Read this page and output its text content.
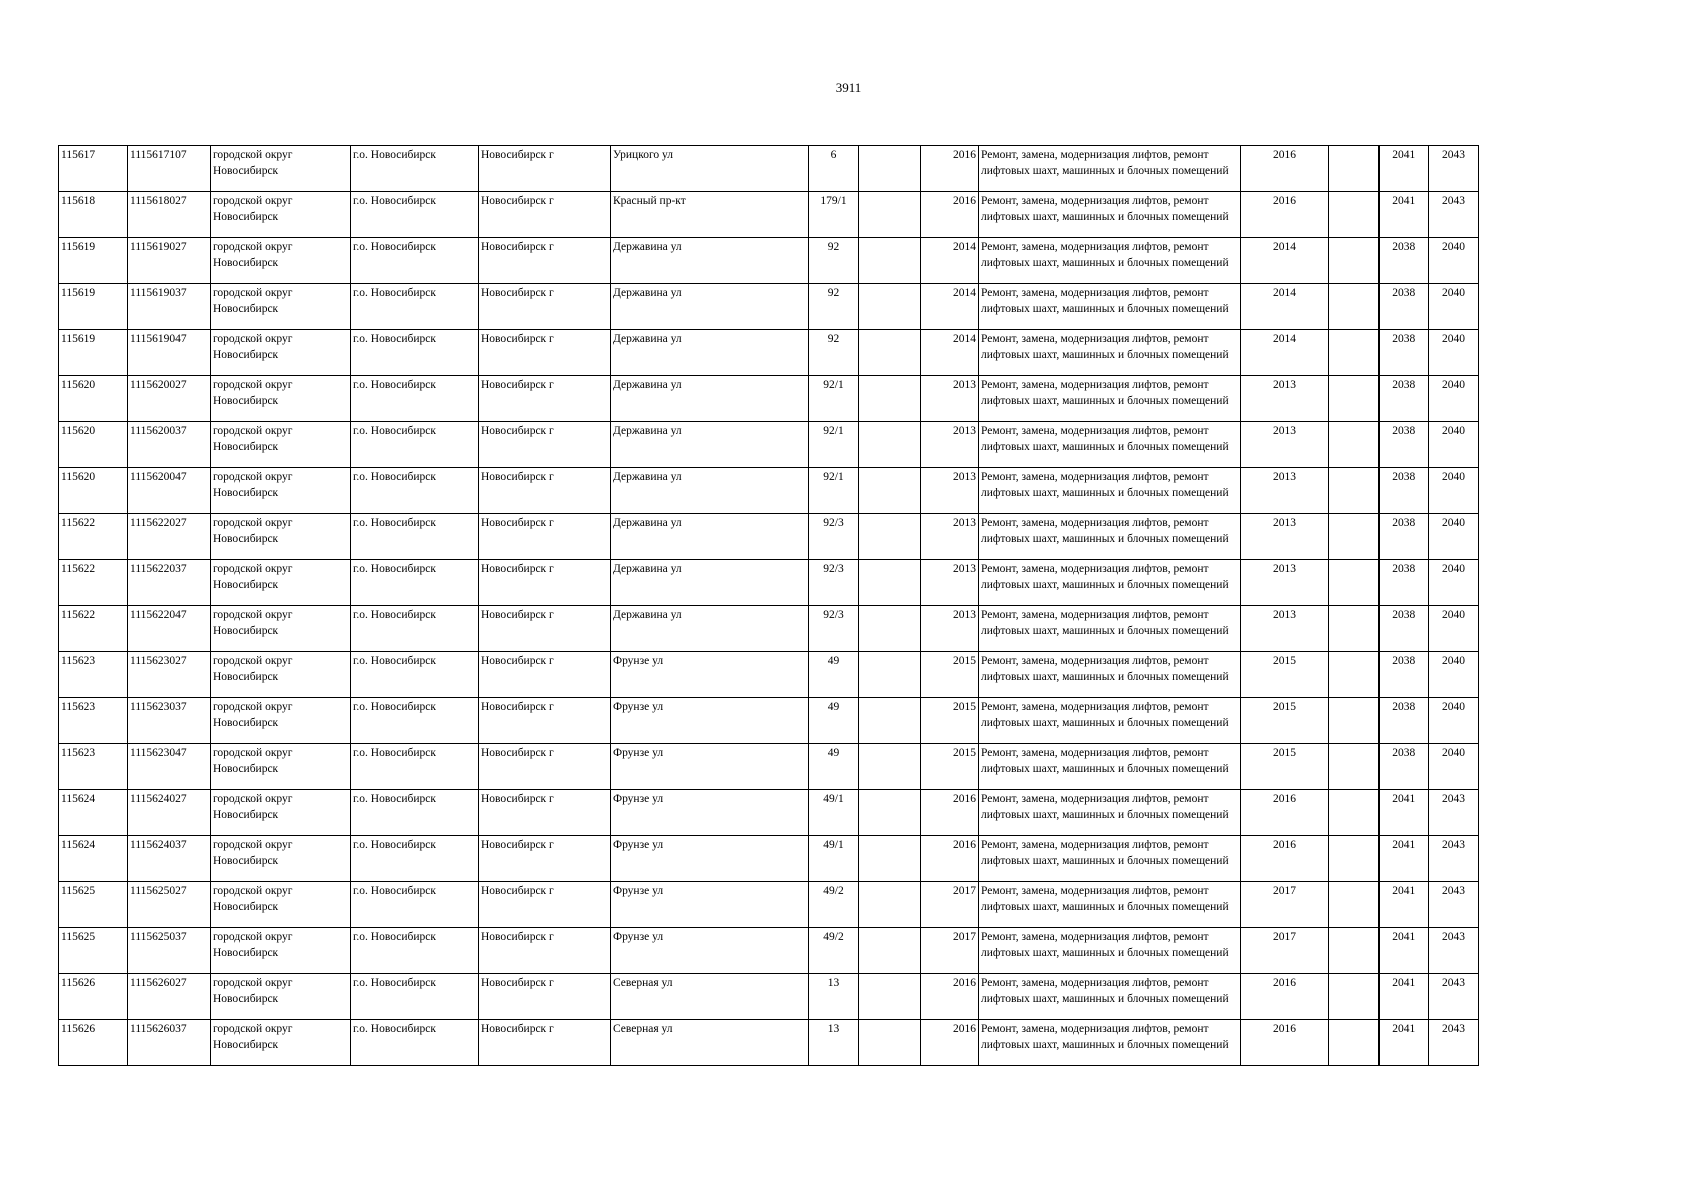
3911
115617	1115617107	городской округ Новосибирск	г.о. Новосибирск	Новосибирск г	Урицкого ул	6		2016	Ремонт, замена, модернизация лифтов, ремонт лифтовых шахт, машинных и блочных помещений	2016		2041	2043
115618	1115618027	городской округ Новосибирск	г.о. Новосибирск	Новосибирск г	Красный пр-кт	179/1		2016	Ремонт, замена, модернизация лифтов, ремонт лифтовых шахт, машинных и блочных помещений	2016		2041	2043
115619	1115619027	городской округ Новосибирск	г.о. Новосибирск	Новосибирск г	Державина ул	92		2014	Ремонт, замена, модернизация лифтов, ремонт лифтовых шахт, машинных и блочных помещений	2014		2038	2040
115619	1115619037	городской округ Новосибирск	г.о. Новосибирск	Новосибирск г	Державина ул	92		2014	Ремонт, замена, модернизация лифтов, ремонт лифтовых шахт, машинных и блочных помещений	2014		2038	2040
115619	1115619047	городской округ Новосибирск	г.о. Новосибирск	Новосибирск г	Державина ул	92		2014	Ремонт, замена, модернизация лифтов, ремонт лифтовых шахт, машинных и блочных помещений	2014		2038	2040
115620	1115620027	городской округ Новосибирск	г.о. Новосибирск	Новосибирск г	Державина ул	92/1		2013	Ремонт, замена, модернизация лифтов, ремонт лифтовых шахт, машинных и блочных помещений	2013		2038	2040
115620	1115620037	городской округ Новосибирск	г.о. Новосибирск	Новосибирск г	Державина ул	92/1		2013	Ремонт, замена, модернизация лифтов, ремонт лифтовых шахт, машинных и блочных помещений	2013		2038	2040
115620	1115620047	городской округ Новосибирск	г.о. Новосибирск	Новосибирск г	Державина ул	92/1		2013	Ремонт, замена, модернизация лифтов, ремонт лифтовых шахт, машинных и блочных помещений	2013		2038	2040
115622	1115622027	городской округ Новосибирск	г.о. Новосибирск	Новосибирск г	Державина ул	92/3		2013	Ремонт, замена, модернизация лифтов, ремонт лифтовых шахт, машинных и блочных помещений	2013		2038	2040
115622	1115622037	городской округ Новосибирск	г.о. Новосибирск	Новосибирск г	Державина ул	92/3		2013	Ремонт, замена, модернизация лифтов, ремонт лифтовых шахт, машинных и блочных помещений	2013		2038	2040
115622	1115622047	городской округ Новосибирск	г.о. Новосибирск	Новосибирск г	Державина ул	92/3		2013	Ремонт, замена, модернизация лифтов, ремонт лифтовых шахт, машинных и блочных помещений	2013		2038	2040
115623	1115623027	городской округ Новосибирск	г.о. Новосибирск	Новосибирск г	Фрунзе ул	49		2015	Ремонт, замена, модернизация лифтов, ремонт лифтовых шахт, машинных и блочных помещений	2015		2038	2040
115623	1115623037	городской округ Новосибирск	г.о. Новосибирск	Новосибирск г	Фрунзе ул	49		2015	Ремонт, замена, модернизация лифтов, ремонт лифтовых шахт, машинных и блочных помещений	2015		2038	2040
115623	1115623047	городской округ Новосибирск	г.о. Новосибирск	Новосибирск г	Фрунзе ул	49		2015	Ремонт, замена, модернизация лифтов, ремонт лифтовых шахт, машинных и блочных помещений	2015		2038	2040
115624	1115624027	городской округ Новосибирск	г.о. Новосибирск	Новосибирск г	Фрунзе ул	49/1		2016	Ремонт, замена, модернизация лифтов, ремонт лифтовых шахт, машинных и блочных помещений	2016		2041	2043
115624	1115624037	городской округ Новосибирск	г.о. Новосибирск	Новосибирск г	Фрунзе ул	49/1		2016	Ремонт, замена, модернизация лифтов, ремонт лифтовых шахт, машинных и блочных помещений	2016		2041	2043
115625	1115625027	городской округ Новосибирск	г.о. Новосибирск	Новосибирск г	Фрунзе ул	49/2		2017	Ремонт, замена, модернизация лифтов, ремонт лифтовых шахт, машинных и блочных помещений	2017		2041	2043
115625	1115625037	городской округ Новосибирск	г.о. Новосибирск	Новосибирск г	Фрунзе ул	49/2		2017	Ремонт, замена, модернизация лифтов, ремонт лифтовых шахт, машинных и блочных помещений	2017		2041	2043
115626	1115626027	городской округ Новосибирск	г.о. Новосибирск	Новосибирск г	Северная ул	13		2016	Ремонт, замена, модернизация лифтов, ремонт лифтовых шахт, машинных и блочных помещений	2016		2041	2043
115626	1115626037	городской округ Новосибирск	г.о. Новосибирск	Новосибирск г	Северная ул	13		2016	Ремонт, замена, модернизация лифтов, ремонт лифтовых шахт, машинных и блочных помещений	2016		2041	2043
